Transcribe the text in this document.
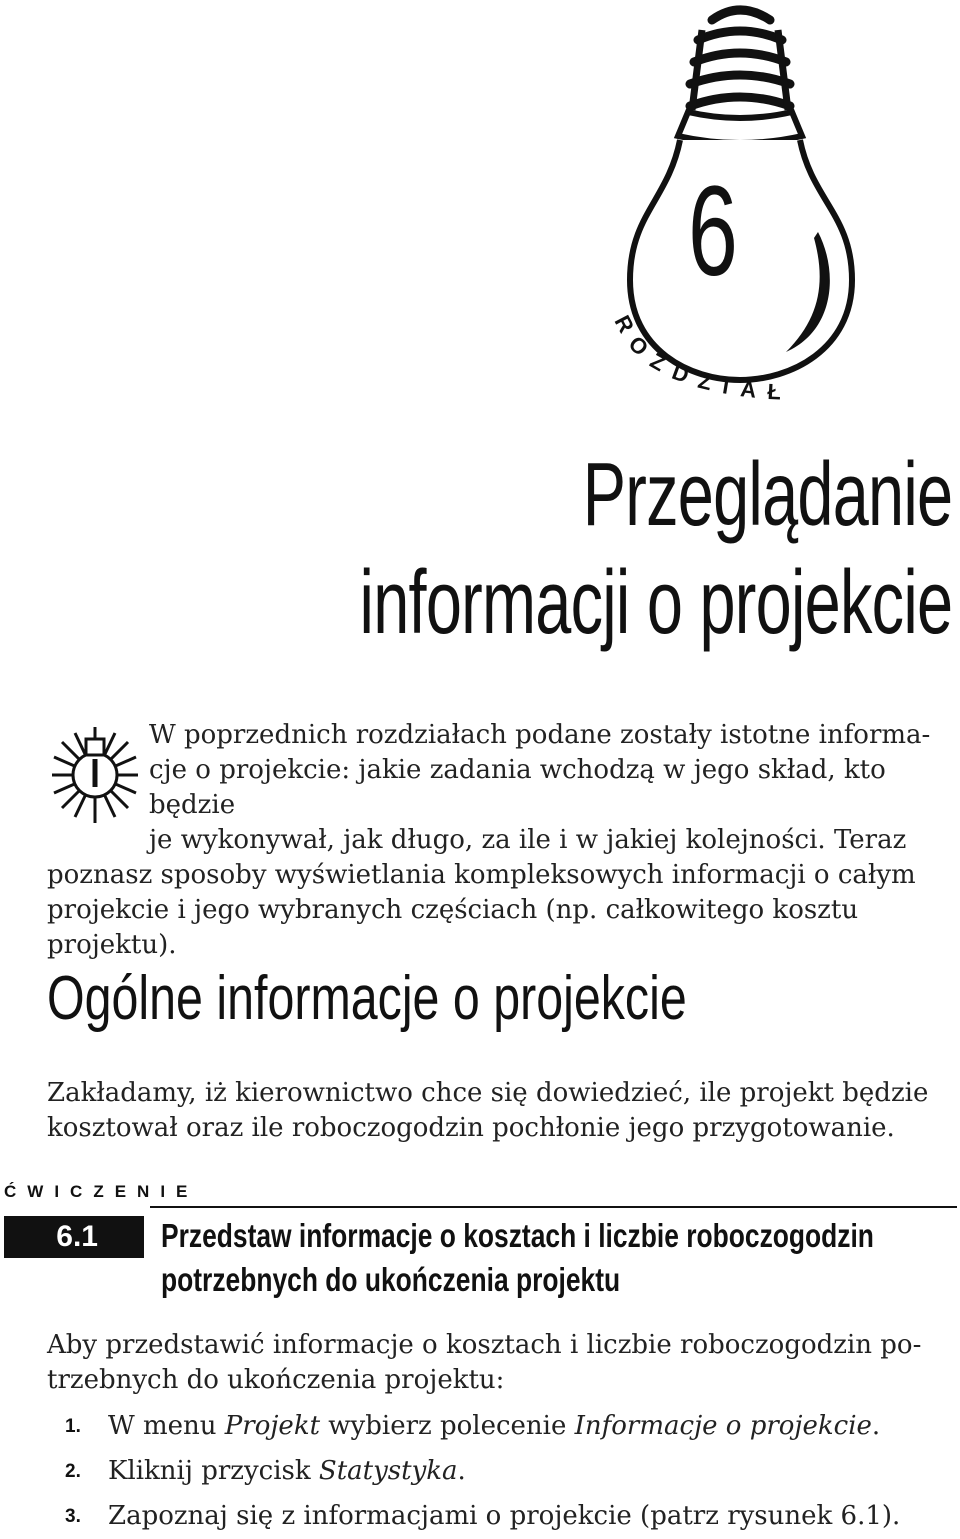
6
ROZDZIAŁ
Przeglądanie
informacji o projekcie
W poprzednich rozdziałach podane zostały istotne informa-
cje o projekcie: jakie zadania wchodzą w jego skład, kto będzie
je wykonywał, jak długo, za ile i w jakiej kolejności. Teraz
poznasz sposoby wyświetlania kompleksowych informacji o całym
projekcie i jego wybranych częściach (np. całkowitego kosztu projektu).
Ogólne informacje o projekcie
Zakładamy, iż kierownictwo chce się dowiedzieć, ile projekt będzie
kosztował oraz ile roboczogodzin pochłonie jego przygotowanie.
ĆWICZENIE
6.1	Przedstaw informacje o kosztach i liczbie roboczogodzin
potrzebnych do ukończenia projektu
Aby przedstawić informacje o kosztach i liczbie roboczogodzin po-
trzebnych do ukończenia projektu:
1. W menu Projekt wybierz polecenie Informacje o projekcie.
2. Kliknij przycisk Statystyka.
3. Zapoznaj się z informacjami o projekcie (patrz rysunek 6.1).
